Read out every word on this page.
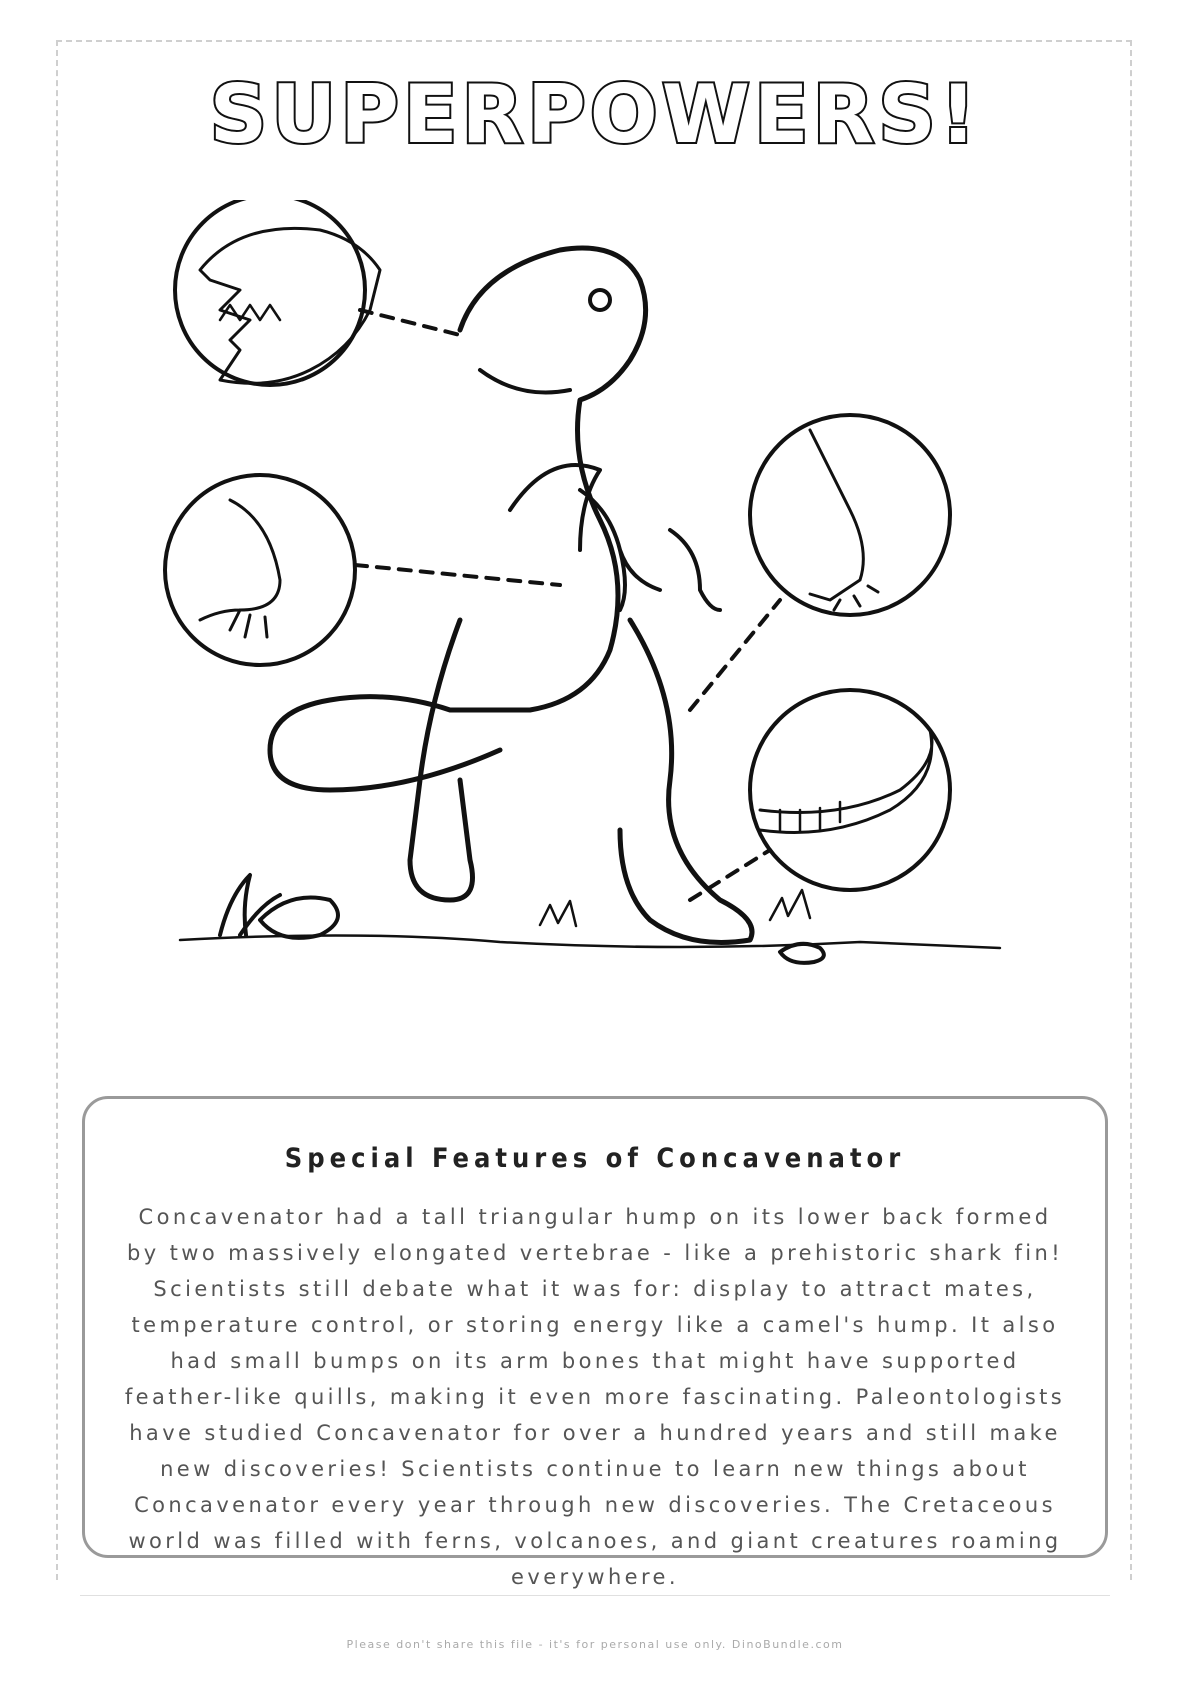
SUPERPOWERS!
Special Features of Concavenator
Concavenator had a tall triangular hump on its lower back formed by two massively elongated vertebrae - like a prehistoric shark fin! Scientists still debate what it was for: display to attract mates, temperature control, or storing energy like a camel's hump. It also had small bumps on its arm bones that might have supported feather-like quills, making it even more fascinating. Paleontologists have studied Concavenator for over a hundred years and still make new discoveries! Scientists continue to learn new things about Concavenator every year through new discoveries. The Cretaceous world was filled with ferns, volcanoes, and giant creatures roaming everywhere.
Please don't share this file - it's for personal use only. DinoBundle.com
